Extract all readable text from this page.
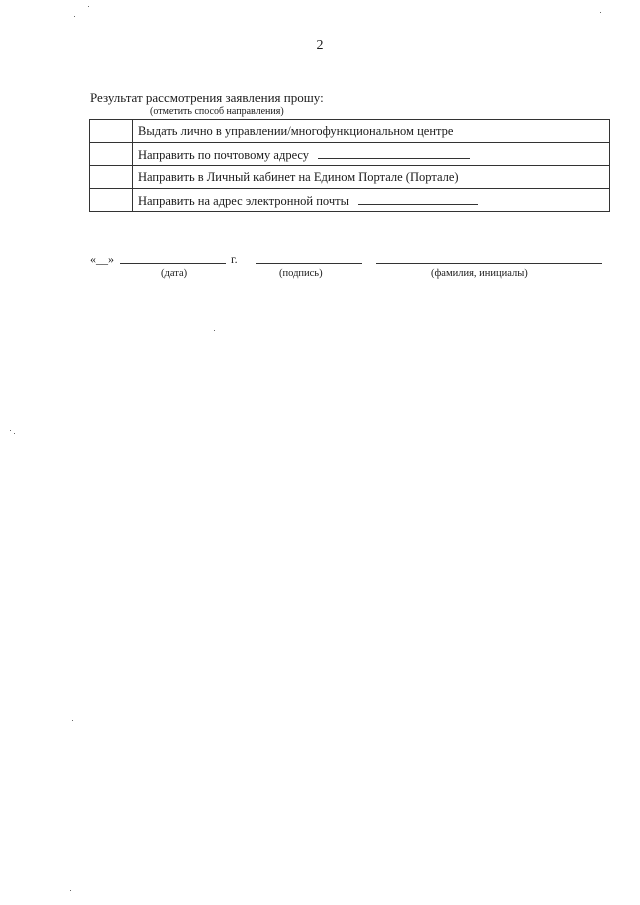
2
Результат рассмотрения заявления прошу:
(отметить способ направления)
	Выдать лично в управлении/многофункциональном центре
	Направить по почтовому адресу
	Направить в Личный кабинет на Едином Портале (Портале)
	Направить на адрес электронной почты
«__»	г.
(дата)	(подпись)	(фамилия, инициалы)
